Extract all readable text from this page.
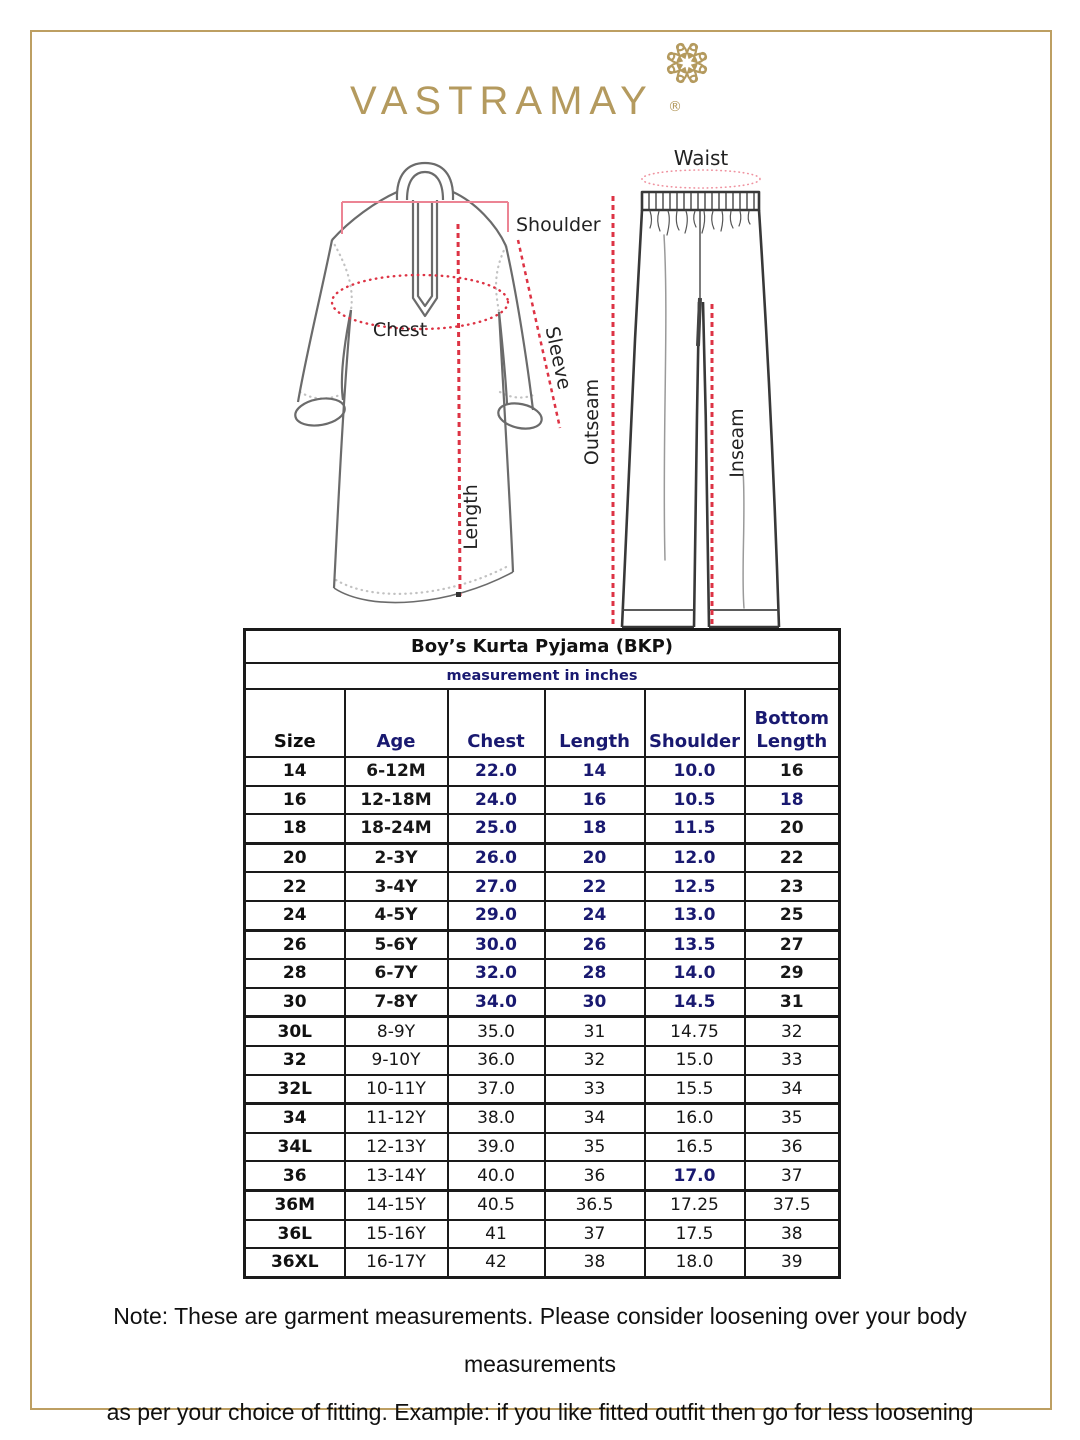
VASTRAMAY	®
Shoulder
Chest	Sleeve
Length
Waist
Outseam	Inseam
Boy’s Kurta Pyjama (BKP)					
measurement in inches					
Size	Age	Chest	Length	Shoulder	Bottom Length
14	6-12M	22.0	14	10.0	16
16	12-18M	24.0	16	10.5	18
18	18-24M	25.0	18	11.5	20
20	2-3Y	26.0	20	12.0	22
22	3-4Y	27.0	22	12.5	23
24	4-5Y	29.0	24	13.0	25
26	5-6Y	30.0	26	13.5	27
28	6-7Y	32.0	28	14.0	29
30	7-8Y	34.0	30	14.5	31
30L	8-9Y	35.0	31	14.75	32
32	9-10Y	36.0	32	15.0	33
32L	10-11Y	37.0	33	15.5	34
34	11-12Y	38.0	34	16.0	35
34L	12-13Y	39.0	35	16.5	36
36	13-14Y	40.0	36	17.0	37
36M	14-15Y	40.5	36.5	17.25	37.5
36L	15-16Y	41	37	17.5	38
36XL	16-17Y	42	38	18.0	39
Note: These are garment measurements. Please consider loosening over your body measurements
as per your choice of fitting. Example: if you like fitted outfit then go for less loosening
